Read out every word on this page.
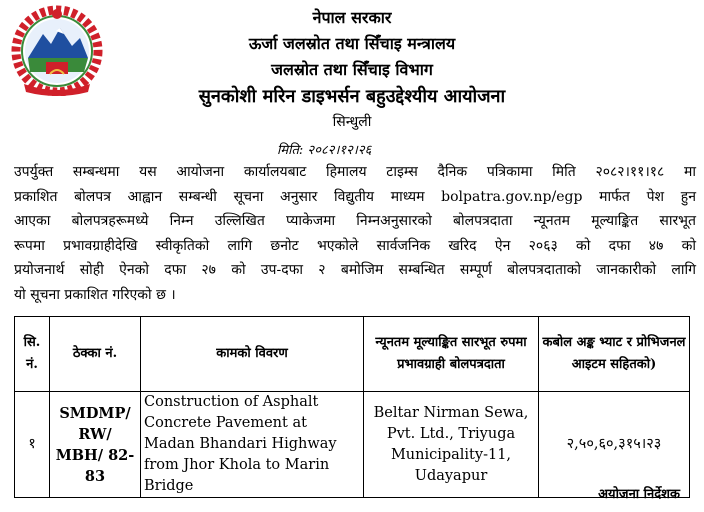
नेपाल सरकार
ऊर्जा जलस्रोत तथा सिँचाइ मन्त्रालय
जलस्रोत तथा सिँचाइ विभाग
सुनकोशी मरिन डाइभर्सन बहुउद्देश्यीय आयोजना
सिन्धुली
मिति: २०८२।१२।२६
उपर्युक्त सम्बन्धमा यस आयोजना कार्यालयबाट हिमालय टाइम्स दैनिक पत्रिकामा मिति २०८२।११।१८ मा
प्रकाशित बोलपत्र आह्वान सम्बन्धी सूचना अनुसार विद्युतीय माध्यम bolpatra.gov.np/egp मार्फत पेश हुन
आएका बोलपत्रहरूमध्ये निम्न उल्लिखित प्याकेजमा निम्नअनुसारको बोलपत्रदाता न्यूनतम मूल्याङ्कित सारभूत
रूपमा प्रभावग्राहीदेखि स्वीकृतिको लागि छनोट भएकोले सार्वजनिक खरिद ऐन २०६३ को दफा ४७ को
प्रयोजनार्थ सोही ऐनको दफा २७ को उप-दफा २ बमोजिम सम्बन्धित सम्पूर्ण बोलपत्रदाताको जानकारीको लागि
यो सूचना प्रकाशित गरिएको छ ।
सि. नं.	ठेक्का नं.	कामको विवरण	न्यूनतम मूल्याङ्कित सारभूत रुपमा प्रभावग्राही बोलपत्रदाता	कबोल अङ्क भ्याट र प्रोभिजनल आइटम सहितको)
१	SMDMP/ RW/ MBH/ 82-83	Construction of Asphalt Concrete Pavement at Madan Bhandari Highway from Jhor Khola to Marin Bridge	Beltar Nirman Sewa, Pvt. Ltd., Triyuga Municipality-11, Udayapur	२,५०,६०,३१५।२३
अयोजना निर्देशक
